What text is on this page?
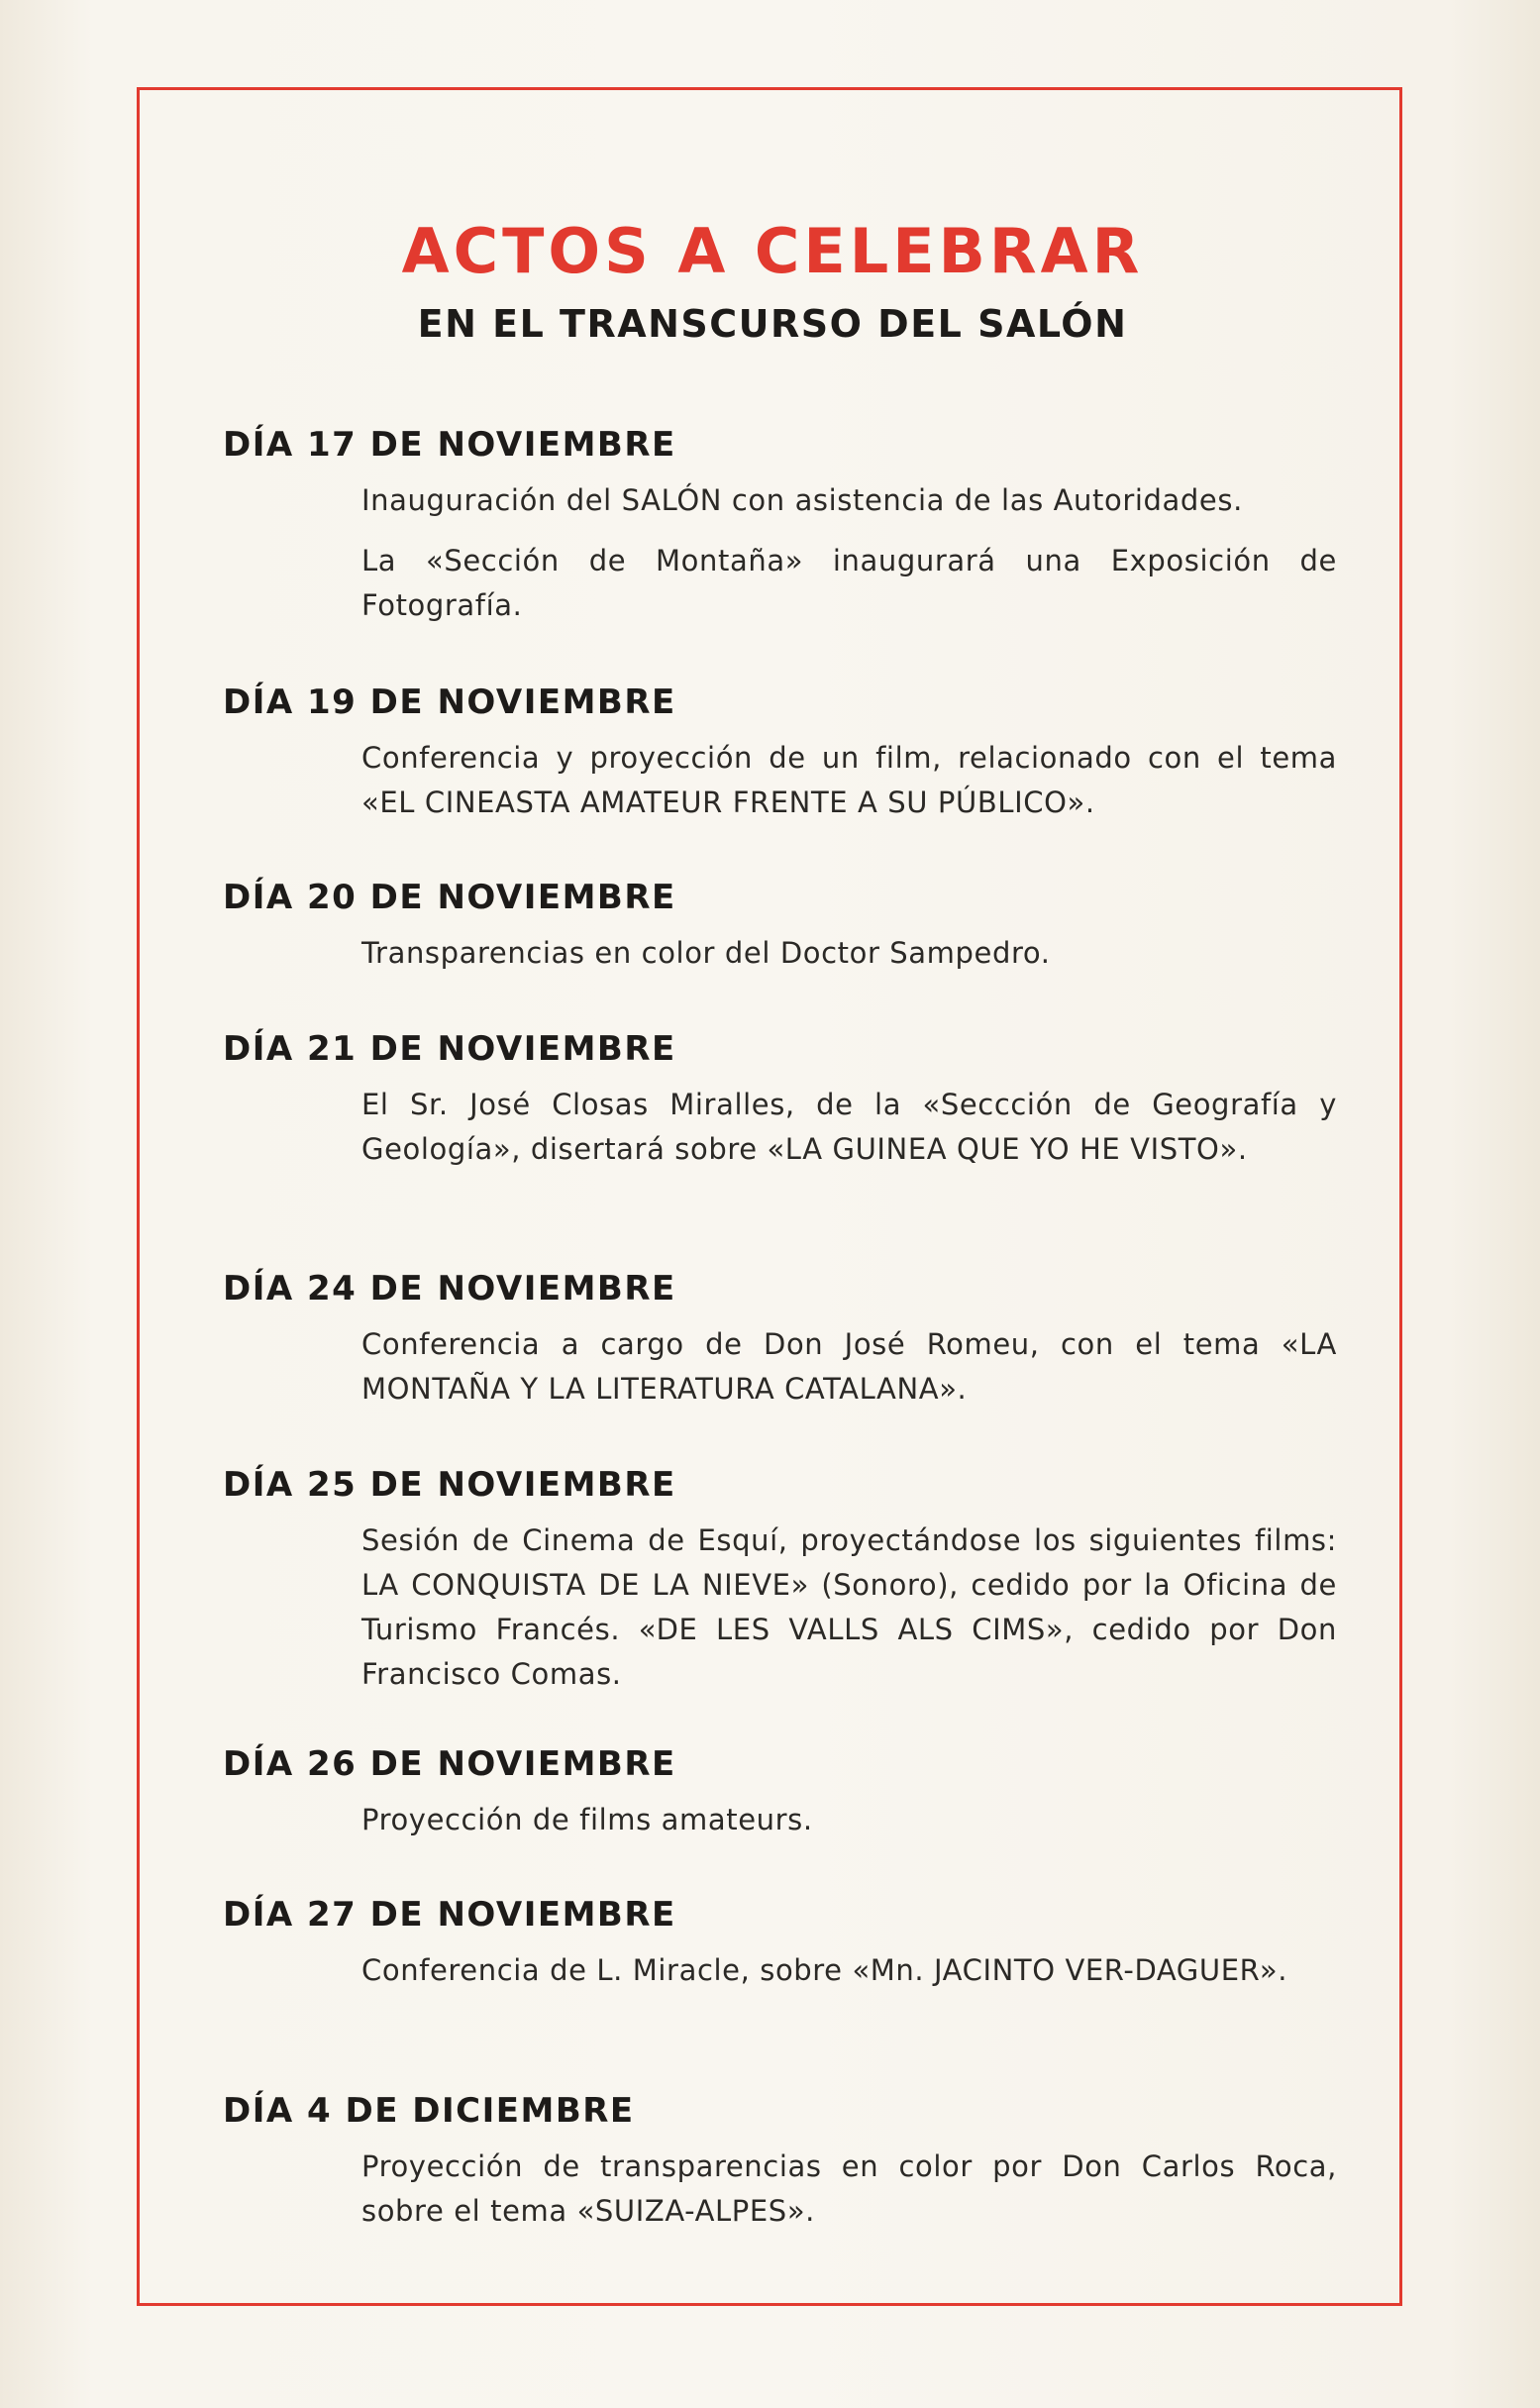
ACTOS A CELEBRAR
EN EL TRANSCURSO DEL SALÓN
DÍA 17 DE NOVIEMBRE
Inauguración del SALÓN con asistencia de las Autoridades.
La «Sección de Montaña» inaugurará una Exposición de Fotografía.
DÍA 19 DE NOVIEMBRE
Conferencia y proyección de un film, relacionado con el tema «EL CINEASTA AMATEUR FRENTE A SU PÚBLICO».
DÍA 20 DE NOVIEMBRE
Transparencias en color del Doctor Sampedro.
DÍA 21 DE NOVIEMBRE
El Sr. José Closas Miralles, de la «Seccción de Geografía y Geología», disertará sobre «LA GUINEA QUE YO HE VISTO».
DÍA 24 DE NOVIEMBRE
Conferencia a cargo de Don José Romeu, con el tema «LA MONTAÑA Y LA LITERATURA CATALANA».
DÍA 25 DE NOVIEMBRE
Sesión de Cinema de Esquí, proyectándose los siguientes films: LA CONQUISTA DE LA NIEVE» (Sonoro), cedido por la Oficina de Turismo Francés. «DE LES VALLS ALS CIMS», cedido por Don Francisco Comas.
DÍA 26 DE NOVIEMBRE
Proyección de films amateurs.
DÍA 27 DE NOVIEMBRE
Conferencia de L. Miracle, sobre «Mn. JACINTO VER-DAGUER».
DÍA 4 DE DICIEMBRE
Proyección de transparencias en color por Don Carlos Roca, sobre el tema «SUIZA-ALPES».
